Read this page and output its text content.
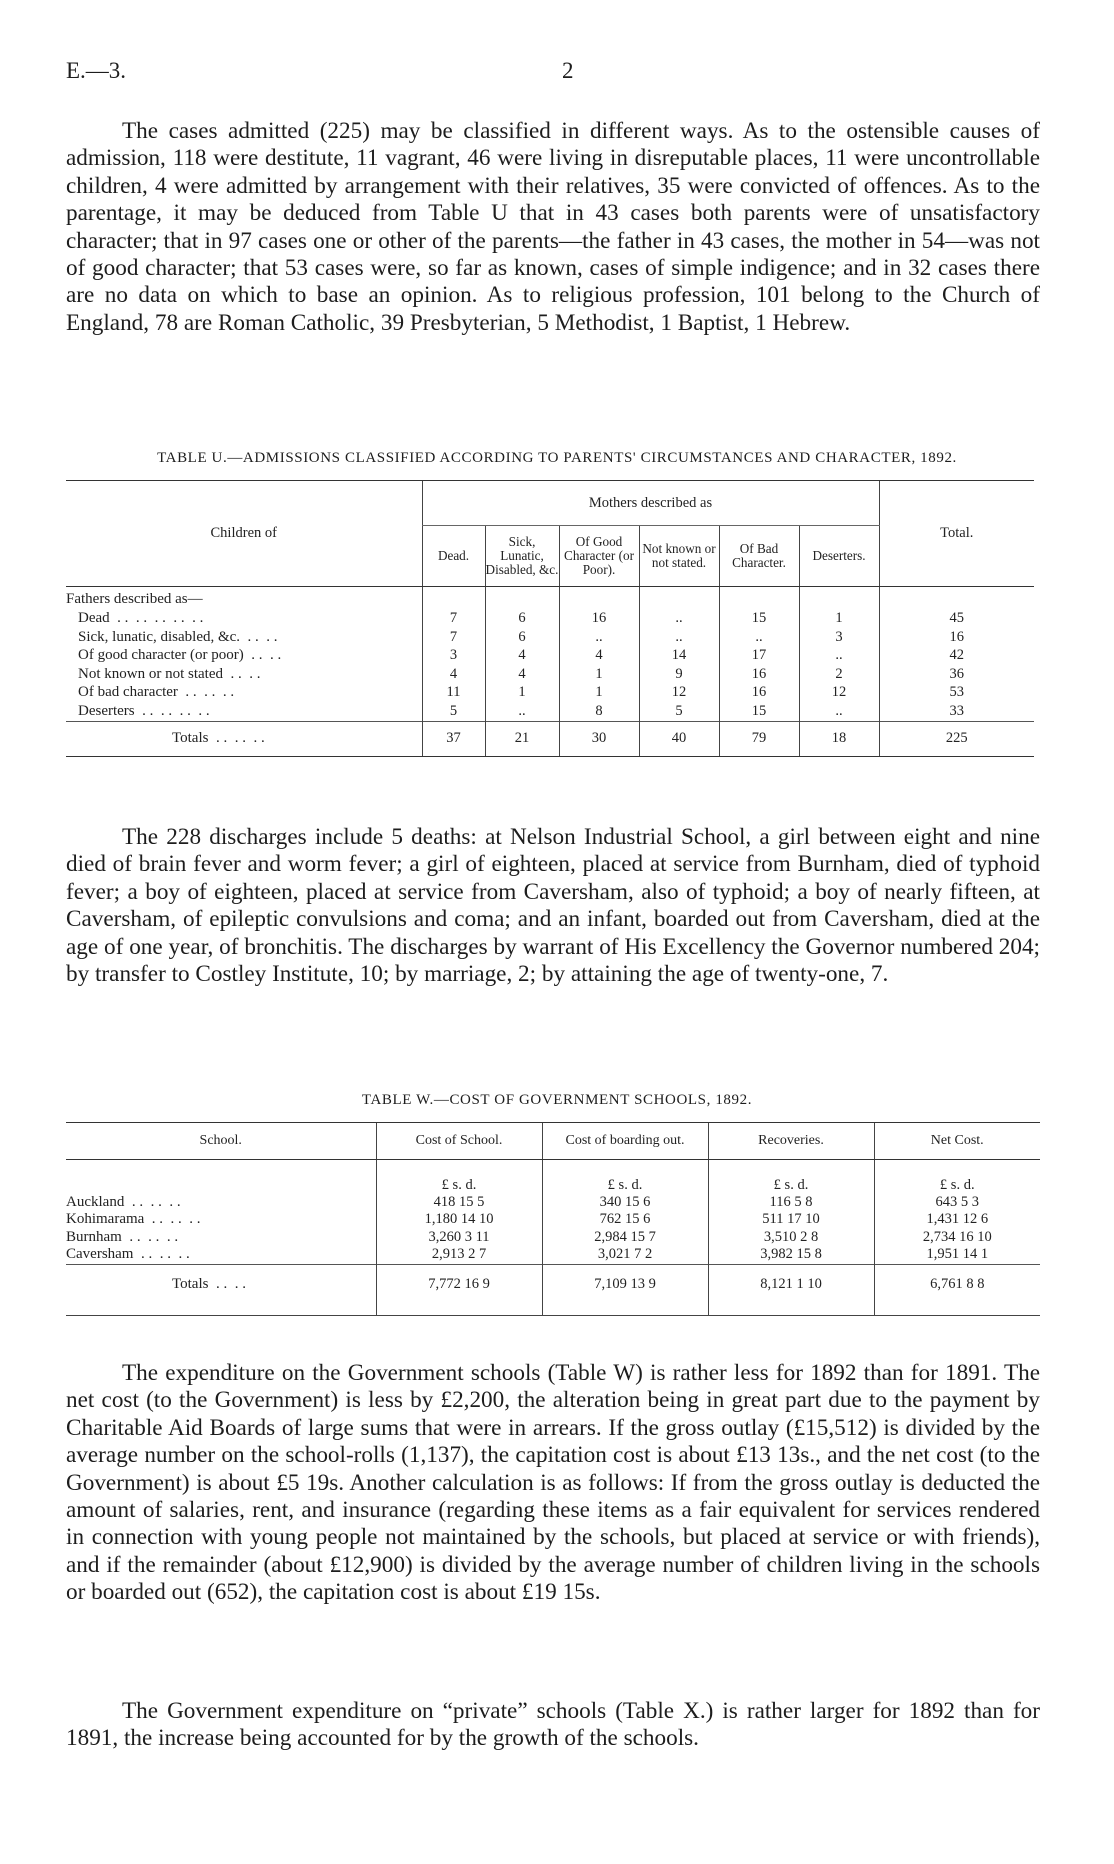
E.—3.	2

The cases admitted (225) may be classified in different ways. As to the ostensible causes of admission, 118 were destitute, 11 vagrant, 46 were living in disreputable places, 11 were uncontrollable children, 4 were admitted by arrangement with their relatives, 35 were convicted of offences. As to the parentage, it may be deduced from Table U that in 43 cases both parents were of unsatisfactory character; that in 97 cases one or other of the parents—the father in 43 cases, the mother in 54—was not of good character; that 53 cases were, so far as known, cases of simple indigence; and in 32 cases there are no data on which to base an opinion. As to religious profession, 101 belong to the Church of England, 78 are Roman Catholic, 39 Presbyterian, 5 Methodist, 1 Baptist, 1 Hebrew.

TABLE U.—ADMISSIONS CLASSIFIED ACCORDING TO PARENTS' CIRCUMSTANCES AND CHARACTER, 1892.
Children of	Mothers described as						Total.
	Dead.	Sick, Lunatic, Disabled, &c.	Of Good Character (or Poor).	Not known or not stated.	Of Bad Character.	Deserters.	
Fathers described as—							
Dead  . .  . .  . .  . .  . .	7	6	16	..	15	1	45
Sick, lunatic, disabled, &c.  . .  . .	7	6	..	..	..	3	16
Of good character (or poor)  . .  . .	3	4	4	14	17	..	42
Not known or not stated  . .  . .	4	4	1	9	16	2	36
Of bad character  . .  . .  . .	11	1	1	12	16	12	53
Deserters  . .  . .  . .  . .	5	..	8	5	15	..	33
Totals  . .  . .  . .	37	21	30	40	79	18	225

The 228 discharges include 5 deaths: at Nelson Industrial School, a girl between eight and nine died of brain fever and worm fever; a girl of eighteen, placed at service from Burnham, died of typhoid fever; a boy of eighteen, placed at service from Caversham, also of typhoid; a boy of nearly fifteen, at Caversham, of epileptic convulsions and coma; and an infant, boarded out from Caversham, died at the age of one year, of bronchitis. The discharges by warrant of His Excellency the Governor numbered 204; by transfer to Costley Institute, 10; by marriage, 2; by attaining the age of twenty-one, 7.

TABLE W.—COST OF GOVERNMENT SCHOOLS, 1892.
School.	Cost of School.	Cost of boarding out.	Recoveries.	Net Cost.
	£ s. d.	£ s. d.	£ s. d.	£ s. d.
Auckland  . .  . .  . .	418 15 5	340 15 6	116 5 8	643 5 3
Kohimarama  . .  . .  . .	1,180 14 10	762 15 6	511 17 10	1,431 12 6
Burnham  . .  . .  . .	3,260 3 11	2,984 15 7	3,510 2 8	2,734 16 10
Caversham  . .  . .  . .	2,913 2 7	3,021 7 2	3,982 15 8	1,951 14 1
Totals  . .  . .	7,772 16 9	7,109 13 9	8,121 1 10	6,761 8 8

The expenditure on the Government schools (Table W) is rather less for 1892 than for 1891. The net cost (to the Government) is less by £2,200, the alteration being in great part due to the payment by Charitable Aid Boards of large sums that were in arrears. If the gross outlay (£15,512) is divided by the average number on the school-rolls (1,137), the capitation cost is about £13 13s., and the net cost (to the Government) is about £5 19s. Another calculation is as follows: If from the gross outlay is deducted the amount of salaries, rent, and insurance (regarding these items as a fair equivalent for services rendered in connection with young people not maintained by the schools, but placed at service or with friends), and if the remainder (about £12,900) is divided by the average number of children living in the schools or boarded out (652), the capitation cost is about £19 15s.

The Government expenditure on “private” schools (Table X.) is rather larger for 1892 than for 1891, the increase being accounted for by the growth of the schools.
